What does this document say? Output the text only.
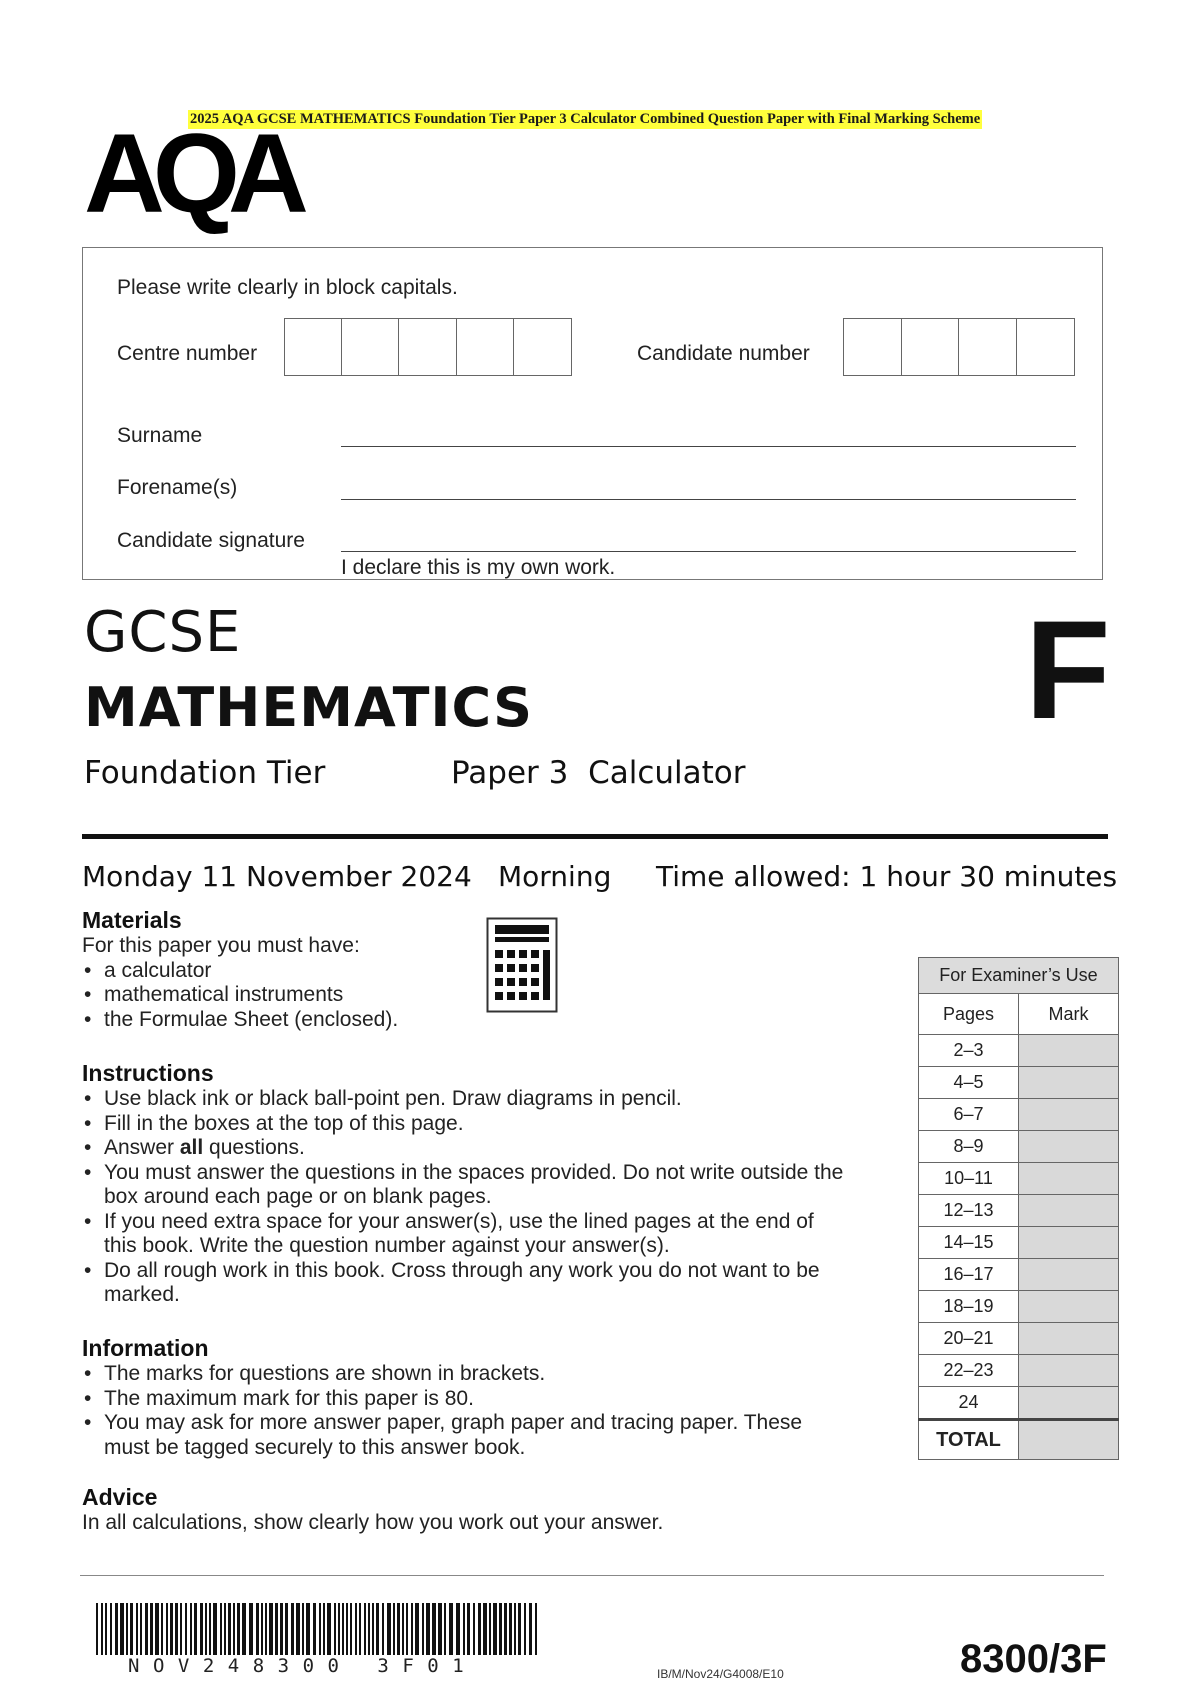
2025 AQA GCSE MATHEMATICS Foundation Tier Paper 3 Calculator Combined Question Paper with Final Marking Scheme
AQA
Please write clearly in block capitals.
Centre number	Candidate number
Surname
Forename(s)
Candidate signature
I declare this is my own work.
GCSE
MATHEMATICS	F
Foundation Tier	Paper 3  Calculator
Monday 11 November 2024 Morning Time allowed: 1 hour 30 minutes
Materials

For this paper you must have:

• a calculator
• mathematical instruments
• the Formulae Sheet (enclosed).
Instructions
• Use black ink or black ball-point pen. Draw diagrams in pencil.
• Fill in the boxes at the top of this page.
• Answer all questions.
• You must answer the questions in the spaces provided. Do not write outside the box around each page or on blank pages.
• If you need extra space for your answer(s), use the lined pages at the end of this book. Write the question number against your answer(s).
• Do all rough work in this book. Cross through any work you do not want to be marked.
Information
• The marks for questions are shown in brackets.
• The maximum mark for this paper is 80.
• You may ask for more answer paper, graph paper and tracing paper. These must be tagged securely to this answer book.
Advice

In all calculations, show clearly how you work out your answer.

For Examiner’s Use	
Pages	Mark
2–3	
4–5	
6–7	
8–9	
10–11	
12–13	
14–15	
16–17	
18–19	
20–21	
22–23	
24	
TOTAL	
NOV248300 3F01	IB/M/Nov24/G4008/E10	8300/3F
